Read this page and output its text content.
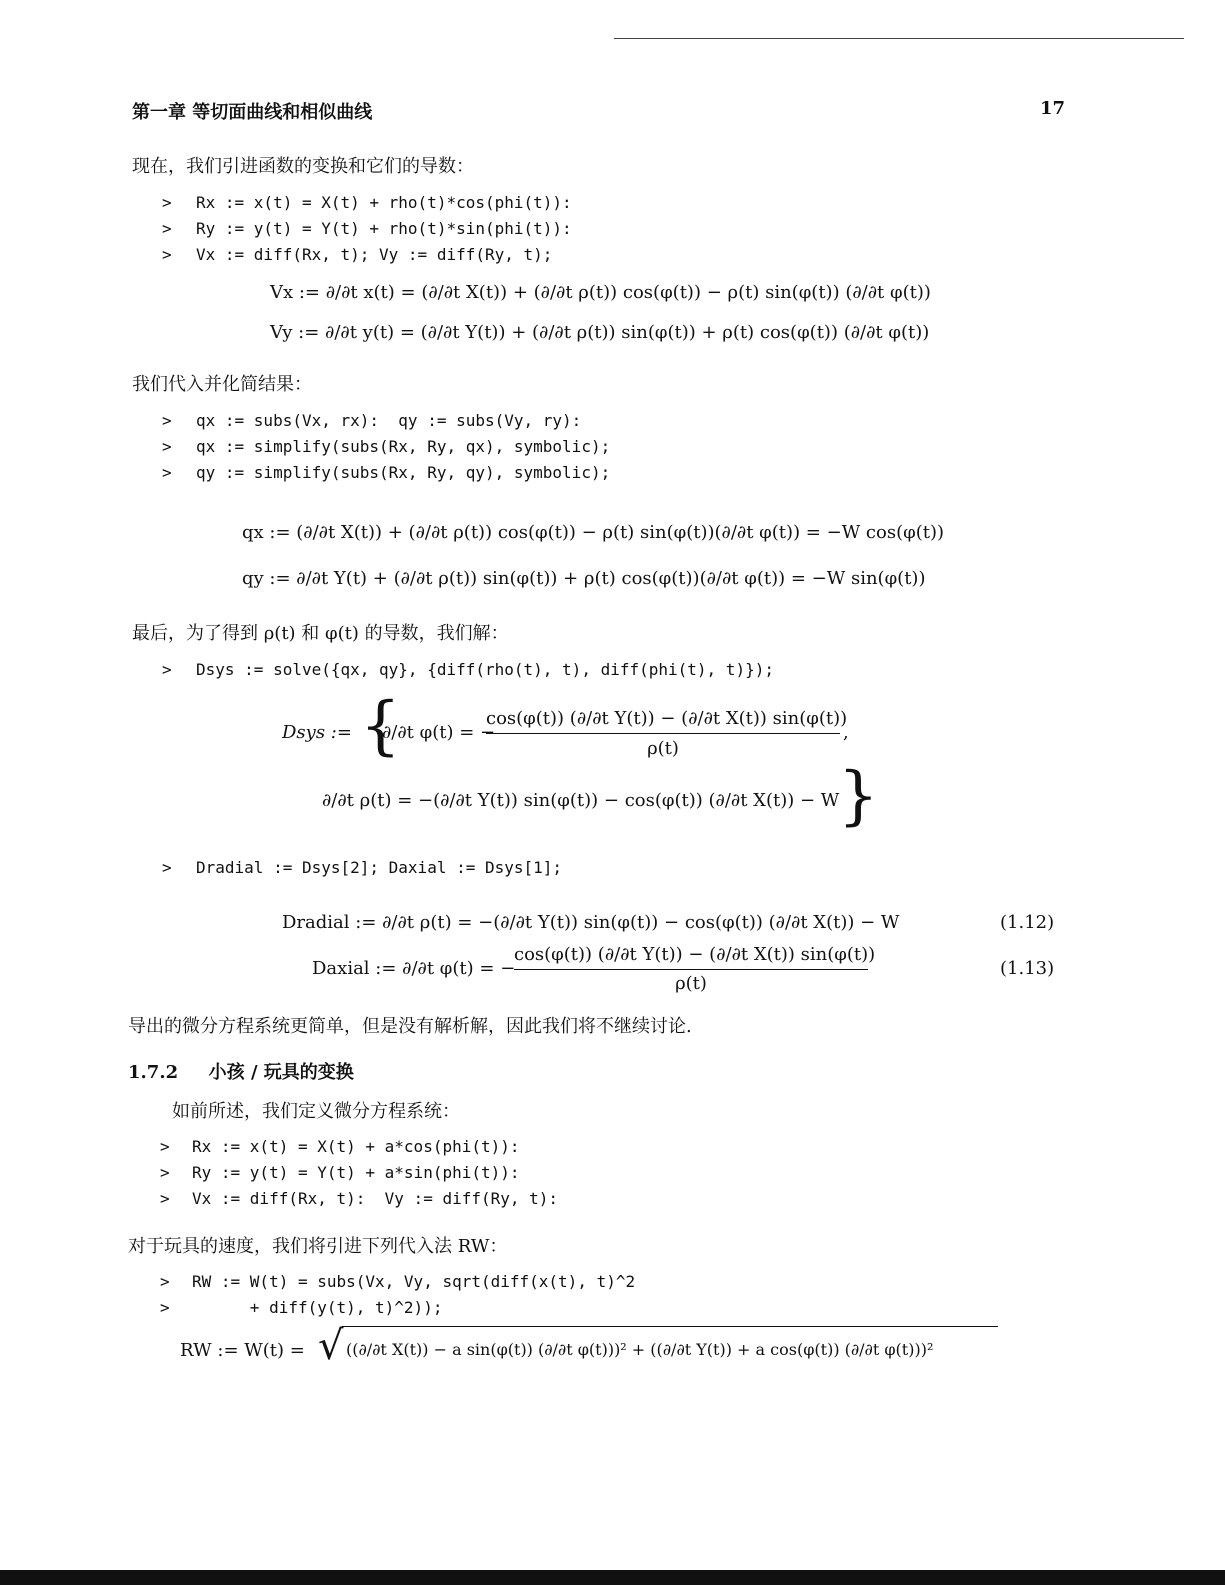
第一章 等切面曲线和相似曲线	17
现在，我们引进函数的变换和它们的导数：
> Rx := x(t) = X(t) + rho(t)*cos(phi(t)):
> Ry := y(t) = Y(t) + rho(t)*sin(phi(t)):
> Vx := diff(Rx, t); Vy := diff(Ry, t);
Vx := ∂/∂t x(t) = (∂/∂t X(t)) + (∂/∂t ρ(t)) cos(φ(t)) − ρ(t) sin(φ(t)) (∂/∂t φ(t))
Vy := ∂/∂t y(t) = (∂/∂t Y(t)) + (∂/∂t ρ(t)) sin(φ(t)) + ρ(t) cos(φ(t)) (∂/∂t φ(t))
我们代入并化简结果：
> qx := subs(Vx, rx):  qy := subs(Vy, ry):
> qx := simplify(subs(Rx, Ry, qx), symbolic);
> qy := simplify(subs(Rx, Ry, qy), symbolic);
qx := (∂/∂t X(t)) + (∂/∂t ρ(t)) cos(φ(t)) − ρ(t) sin(φ(t))(∂/∂t φ(t)) = −W cos(φ(t))
qy := ∂/∂t Y(t) + (∂/∂t ρ(t)) sin(φ(t)) + ρ(t) cos(φ(t))(∂/∂t φ(t)) = −W sin(φ(t))
最后，为了得到 ρ(t) 和 φ(t) 的导数，我们解：
> Dsys := solve({qx, qy}, {diff(rho(t), t), diff(phi(t), t)});
Dsys := {
∂/∂t φ(t) = −
cos(φ(t)) (∂/∂t Y(t)) − (∂/∂t X(t)) sin(φ(t))
ρ(t)
,
∂/∂t ρ(t) = −(∂/∂t Y(t)) sin(φ(t)) − cos(φ(t)) (∂/∂t X(t)) − W
}
> Dradial := Dsys[2]; Daxial := Dsys[1];
Dradial := ∂/∂t ρ(t) = −(∂/∂t Y(t)) sin(φ(t)) − cos(φ(t)) (∂/∂t X(t)) − W	(1.12)
Daxial := ∂/∂t φ(t) = −
cos(φ(t)) (∂/∂t Y(t)) − (∂/∂t X(t)) sin(φ(t))
ρ(t)
(1.13)
导出的微分方程系统更简单，但是没有解析解，因此我们将不继续讨论.
1.7.2 小孩 / 玩具的变换
如前所述，我们定义微分方程系统：
> Rx := x(t) = X(t) + a*cos(phi(t)):
> Ry := y(t) = Y(t) + a*sin(phi(t)):
> Vx := diff(Rx, t):  Vy := diff(Ry, t):
对于玩具的速度，我们将引进下列代入法 RW：
> RW := W(t) = subs(Vx, Vy, sqrt(diff(x(t), t)^2
> + diff(y(t), t)^2));
RW := W(t) = √ ((∂/∂t X(t)) − a sin(φ(t)) (∂/∂t φ(t)))² + ((∂/∂t Y(t)) + a cos(φ(t)) (∂/∂t φ(t)))²
